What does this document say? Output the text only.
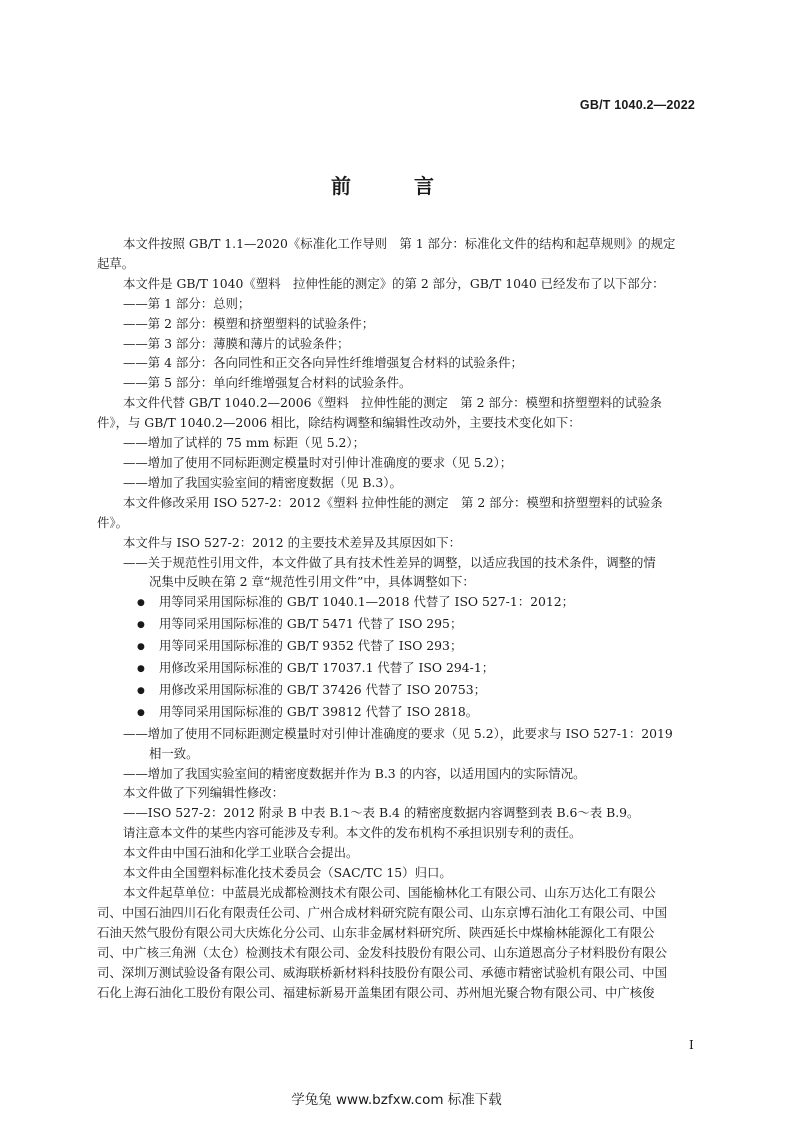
GB/T 1040.2—2022
前 言

本文件按照 GB/T 1.1—2020《标准化工作导则　第 1 部分：标准化文件的结构和起草规则》的规定

起草。

本文件是 GB/T 1040《塑料　拉伸性能的测定》的第 2 部分，GB/T 1040 已经发布了以下部分：

——第 1 部分：总则；

——第 2 部分：模塑和挤塑塑料的试验条件；

——第 3 部分：薄膜和薄片的试验条件；

——第 4 部分：各向同性和正交各向异性纤维增强复合材料的试验条件；

——第 5 部分：单向纤维增强复合材料的试验条件。

本文件代替 GB/T 1040.2—2006《塑料　拉伸性能的测定　第 2 部分：模塑和挤塑塑料的试验条

件》，与 GB/T 1040.2—2006 相比，除结构调整和编辑性改动外，主要技术变化如下：

——增加了试样的 75 mm 标距（见 5.2）；

——增加了使用不同标距测定模量时对引伸计准确度的要求（见 5.2）；

——增加了我国实验室间的精密度数据（见 B.3）。

本文件修改采用 ISO 527-2：2012《塑料 拉伸性能的测定　第 2 部分：模塑和挤塑塑料的试验条

件》。

本文件与 ISO 527-2：2012 的主要技术差异及其原因如下：

——关于规范性引用文件，本文件做了具有技术性差异的调整，以适应我国的技术条件，调整的情

况集中反映在第 2 章“规范性引用文件”中，具体调整如下：

● 用等同采用国际标准的 GB/T 1040.1—2018 代替了 ISO 527-1：2012；

● 用等同采用国际标准的 GB/T 5471 代替了 ISO 295；

● 用等同采用国际标准的 GB/T 9352 代替了 ISO 293；

● 用修改采用国际标准的 GB/T 17037.1 代替了 ISO 294-1；

● 用修改采用国际标准的 GB/T 37426 代替了 ISO 20753；

● 用等同采用国际标准的 GB/T 39812 代替了 ISO 2818。

——增加了使用不同标距测定模量时对引伸计准确度的要求（见 5.2），此要求与 ISO 527-1：2019

相一致。

——增加了我国实验室间的精密度数据并作为 B.3 的内容，以适用国内的实际情况。

本文件做了下列编辑性修改：

——ISO 527-2：2012 附录 B 中表 B.1～表 B.4 的精密度数据内容调整到表 B.6～表 B.9。

请注意本文件的某些内容可能涉及专利。本文件的发布机构不承担识别专利的责任。

本文件由中国石油和化学工业联合会提出。

本文件由全国塑料标准化技术委员会（SAC/TC 15）归口。

本文件起草单位：中蓝晨光成都检测技术有限公司、国能榆林化工有限公司、山东万达化工有限公

司、中国石油四川石化有限责任公司、广州合成材料研究院有限公司、山东京博石油化工有限公司、中国

石油天然气股份有限公司大庆炼化分公司、山东非金属材料研究所、陕西延长中煤榆林能源化工有限公

司、中广核三角洲（太仓）检测技术有限公司、金发科技股份有限公司、山东道恩高分子材料股份有限公

司、深圳万测试验设备有限公司、威海联桥新材料科技股份有限公司、承德市精密试验机有限公司、中国

石化上海石油化工股份有限公司、福建标新易开盖集团有限公司、苏州旭光聚合物有限公司、中广核俊

I
学兔兔 www.bzfxw.com 标准下载
